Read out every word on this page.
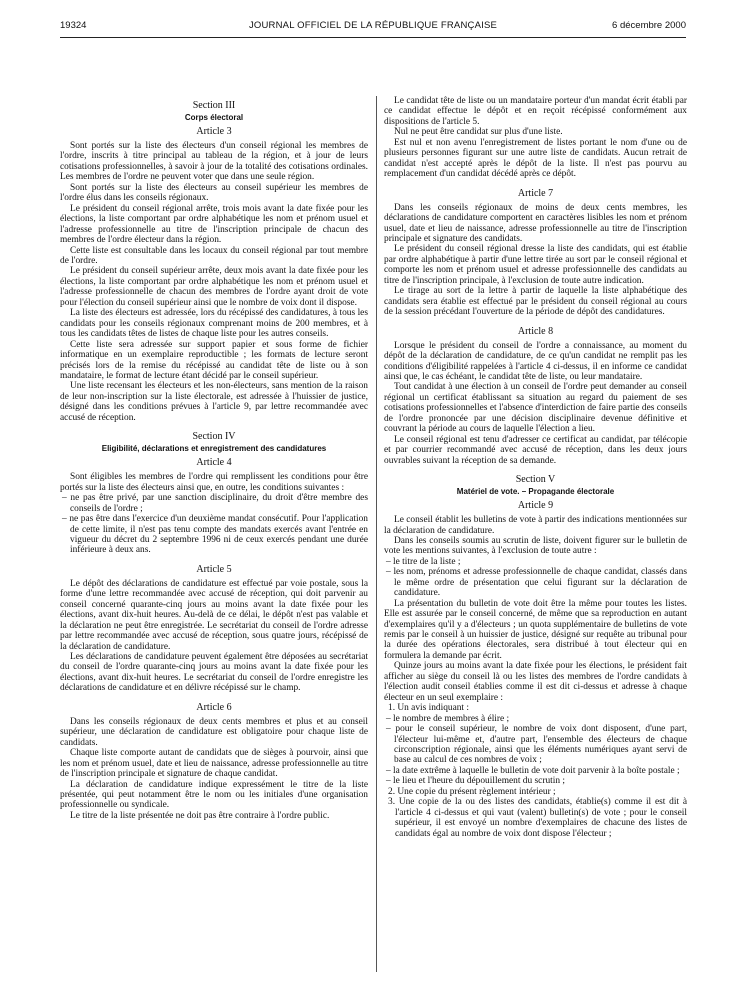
19324	JOURNAL OFFICIEL DE LA RÉPUBLIQUE FRANÇAISE	6 décembre 2000

Section III

Corps électoral

Article 3

Sont portés sur la liste des électeurs d'un conseil régional les membres de l'ordre, inscrits à titre principal au tableau de la région, et à jour de leurs cotisations professionnelles, à savoir à jour de la totalité des cotisations ordinales. Les membres de l'ordre ne peuvent voter que dans une seule région.

Sont portés sur la liste des électeurs au conseil supérieur les membres de l'ordre élus dans les conseils régionaux.

Le président du conseil régional arrête, trois mois avant la date fixée pour les élections, la liste comportant par ordre alphabétique les nom et prénom usuel et l'adresse professionnelle au titre de l'inscription principale de chacun des membres de l'ordre électeur dans la région.

Cette liste est consultable dans les locaux du conseil régional par tout membre de l'ordre.

Le président du conseil supérieur arrête, deux mois avant la date fixée pour les élections, la liste comportant par ordre alphabétique les nom et prénom usuel et l'adresse professionnelle de chacun des membres de l'ordre ayant droit de vote pour l'élection du conseil supérieur ainsi que le nombre de voix dont il dispose.

La liste des électeurs est adressée, lors du récépissé des candidatures, à tous les candidats pour les conseils régionaux comprenant moins de 200 membres, et à tous les candidats têtes de listes de chaque liste pour les autres conseils.

Cette liste sera adressée sur support papier et sous forme de fichier informatique en un exemplaire reproductible ; les formats de lecture seront précisés lors de la remise du récépissé au candidat tête de liste ou à son mandataire, le format de lecture étant décidé par le conseil supérieur.

Une liste recensant les électeurs et les non-électeurs, sans mention de la raison de leur non-inscription sur la liste électorale, est adressée à l'huissier de justice, désigné dans les conditions prévues à l'article 9, par lettre recommandée avec accusé de réception.

Section IV

Eligibilité, déclarations et enregistrement des candidatures

Article 4

Sont éligibles les membres de l'ordre qui remplissent les conditions pour être portés sur la liste des électeurs ainsi que, en outre, les conditions suivantes :

– ne pas être privé, par une sanction disciplinaire, du droit d'être membre des conseils de l'ordre ;
– ne pas être dans l'exercice d'un deuxième mandat consécutif. Pour l'application de cette limite, il n'est pas tenu compte des mandats exercés avant l'entrée en vigueur du décret du 2 septembre 1996 ni de ceux exercés pendant une durée inférieure à deux ans.

Article 5

Le dépôt des déclarations de candidature est effectué par voie postale, sous la forme d'une lettre recommandée avec accusé de réception, qui doit parvenir au conseil concerné quarante-cinq jours au moins avant la date fixée pour les élections, avant dix-huit heures. Au-delà de ce délai, le dépôt n'est pas valable et la déclaration ne peut être enregistrée. Le secrétariat du conseil de l'ordre adresse par lettre recommandée avec accusé de réception, sous quatre jours, récépissé de la déclaration de candidature.

Les déclarations de candidature peuvent également être déposées au secrétariat du conseil de l'ordre quarante-cinq jours au moins avant la date fixée pour les élections, avant dix-huit heures. Le secrétariat du conseil de l'ordre enregistre les déclarations de candidature et en délivre récépissé sur le champ.

Article 6

Dans les conseils régionaux de deux cents membres et plus et au conseil supérieur, une déclaration de candidature est obligatoire pour chaque liste de candidats.

Chaque liste comporte autant de candidats que de sièges à pourvoir, ainsi que les nom et prénom usuel, date et lieu de naissance, adresse professionnelle au titre de l'inscription principale et signature de chaque candidat.

La déclaration de candidature indique expressément le titre de la liste présentée, qui peut notamment être le nom ou les initiales d'une organisation professionnelle ou syndicale.

Le titre de la liste présentée ne doit pas être contraire à l'ordre public.

Le candidat tête de liste ou un mandataire porteur d'un mandat écrit établi par ce candidat effectue le dépôt et en reçoit récépissé conformément aux dispositions de l'article 5.

Nul ne peut être candidat sur plus d'une liste.

Est nul et non avenu l'enregistrement de listes portant le nom d'une ou de plusieurs personnes figurant sur une autre liste de candidats. Aucun retrait de candidat n'est accepté après le dépôt de la liste. Il n'est pas pourvu au remplacement d'un candidat décédé après ce dépôt.

Article 7

Dans les conseils régionaux de moins de deux cents membres, les déclarations de candidature comportent en caractères lisibles les nom et prénom usuel, date et lieu de naissance, adresse professionnelle au titre de l'inscription principale et signature des candidats.

Le président du conseil régional dresse la liste des candidats, qui est établie par ordre alphabétique à partir d'une lettre tirée au sort par le conseil régional et comporte les nom et prénom usuel et adresse professionnelle des candidats au titre de l'inscription principale, à l'exclusion de toute autre indication.

Le tirage au sort de la lettre à partir de laquelle la liste alphabétique des candidats sera établie est effectué par le président du conseil régional au cours de la session précédant l'ouverture de la période de dépôt des candidatures.

Article 8

Lorsque le président du conseil de l'ordre a connaissance, au moment du dépôt de la déclaration de candidature, de ce qu'un candidat ne remplit pas les conditions d'éligibilité rappelées à l'article 4 ci-dessus, il en informe ce candidat ainsi que, le cas échéant, le candidat tête de liste, ou leur mandataire.

Tout candidat à une élection à un conseil de l'ordre peut demander au conseil régional un certificat établissant sa situation au regard du paiement de ses cotisations professionnelles et l'absence d'interdiction de faire partie des conseils de l'ordre prononcée par une décision disciplinaire devenue définitive et couvrant la période au cours de laquelle l'élection a lieu.

Le conseil régional est tenu d'adresser ce certificat au candidat, par télécopie et par courrier recommandé avec accusé de réception, dans les deux jours ouvrables suivant la réception de sa demande.

Section V

Matériel de vote. – Propagande électorale

Article 9

Le conseil établit les bulletins de vote à partir des indications mentionnées sur la déclaration de candidature.

Dans les conseils soumis au scrutin de liste, doivent figurer sur le bulletin de vote les mentions suivantes, à l'exclusion de toute autre :

– le titre de la liste ;
– les nom, prénoms et adresse professionnelle de chaque candidat, classés dans le même ordre de présentation que celui figurant sur la déclaration de candidature.

La présentation du bulletin de vote doit être la même pour toutes les listes. Elle est assurée par le conseil concerné, de même que sa reproduction en autant d'exemplaires qu'il y a d'électeurs ; un quota supplémentaire de bulletins de vote remis par le conseil à un huissier de justice, désigné sur requête au tribunal pour la durée des opérations électorales, sera distribué à tout électeur qui en formulera la demande par écrit.

Quinze jours au moins avant la date fixée pour les élections, le président fait afficher au siège du conseil là ou les listes des membres de l'ordre candidats à l'élection audit conseil établies comme il est dit ci-dessus et adresse à chaque électeur en un seul exemplaire :

1. Un avis indiquant :
– le nombre de membres à élire ;
– pour le conseil supérieur, le nombre de voix dont disposent, d'une part, l'électeur lui-même et, d'autre part, l'ensemble des électeurs de chaque circonscription régionale, ainsi que les éléments numériques ayant servi de base au calcul de ces nombres de voix ;
– la date extrême à laquelle le bulletin de vote doit parvenir à la boîte postale ;
– le lieu et l'heure du dépouillement du scrutin ;
2. Une copie du présent règlement intérieur ;
3. Une copie de la ou des listes des candidats, établie(s) comme il est dit à l'article 4 ci-dessus et qui vaut (valent) bulletin(s) de vote ; pour le conseil supérieur, il est envoyé un nombre d'exemplaires de chacune des listes de candidats égal au nombre de voix dont dispose l'électeur ;
